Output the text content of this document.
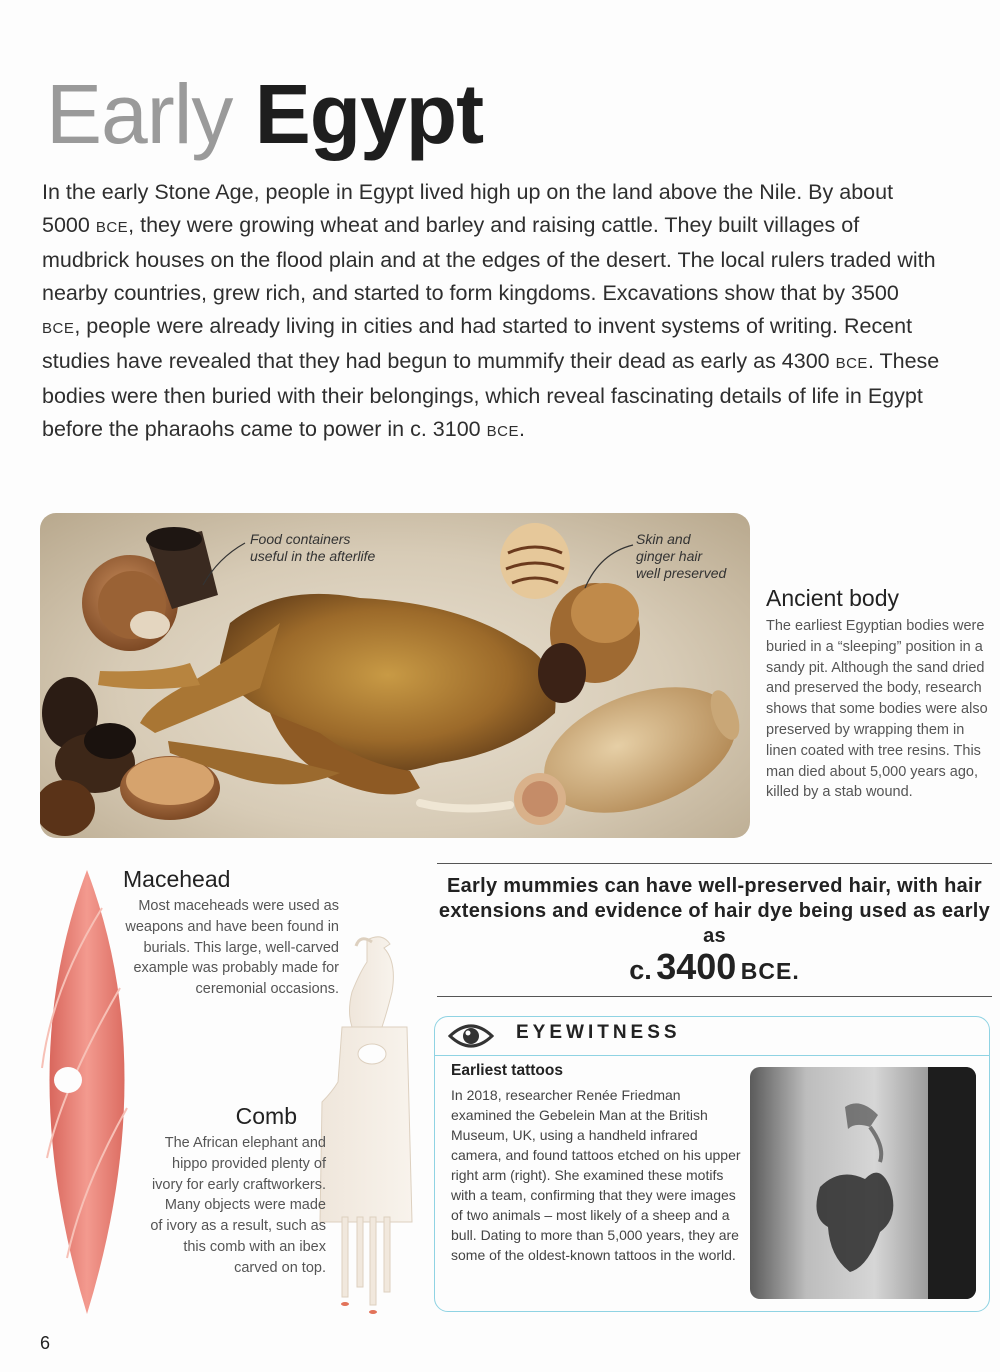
Early Egypt
In the early Stone Age, people in Egypt lived high up on the land above the Nile. By about 5000 BCE, they were growing wheat and barley and raising cattle. They built villages of mudbrick houses on the flood plain and at the edges of the desert. The local rulers traded with nearby countries, grew rich, and started to form kingdoms. Excavations show that by 3500 BCE, people were already living in cities and had started to invent systems of writing. Recent studies have revealed that they had begun to mummify their dead as early as 4300 BCE. These bodies were then buried with their belongings, which reveal fascinating details of life in Egypt before the pharaohs came to power in c. 3100 BCE.
Food containers
useful in the afterlife
Skin and
ginger hair
well preserved
Ancient body
The earliest Egyptian bodies were buried in a “sleeping” position in a sandy pit. Although the sand dried and preserved the body, research shows that some bodies were also preserved by wrapping them in linen coated with tree resins. This man died about 5,000 years ago, killed by a stab wound.
Macehead
Most maceheads were used as weapons and have been found in burials. This large, well-carved example was probably made for ceremonial occasions.
Comb
The African elephant and hippo provided plenty of ivory for early craftworkers. Many objects were made of ivory as a result, such as this comb with an ibex carved on top.
Early mummies can have well-preserved hair, with hair extensions and evidence of hair dye being used as early as
c. 3400 BCE.
EYEWITNESS
Earliest tattoos
In 2018, researcher Renée Friedman examined the Gebelein Man at the British Museum, UK, using a handheld infrared camera, and found tattoos etched on his upper right arm (right). She examined these motifs with a team, confirming that they were images of two animals – most likely of a sheep and a bull. Dating to more than 5,000 years, they are some of the oldest-known tattoos in the world.
6
